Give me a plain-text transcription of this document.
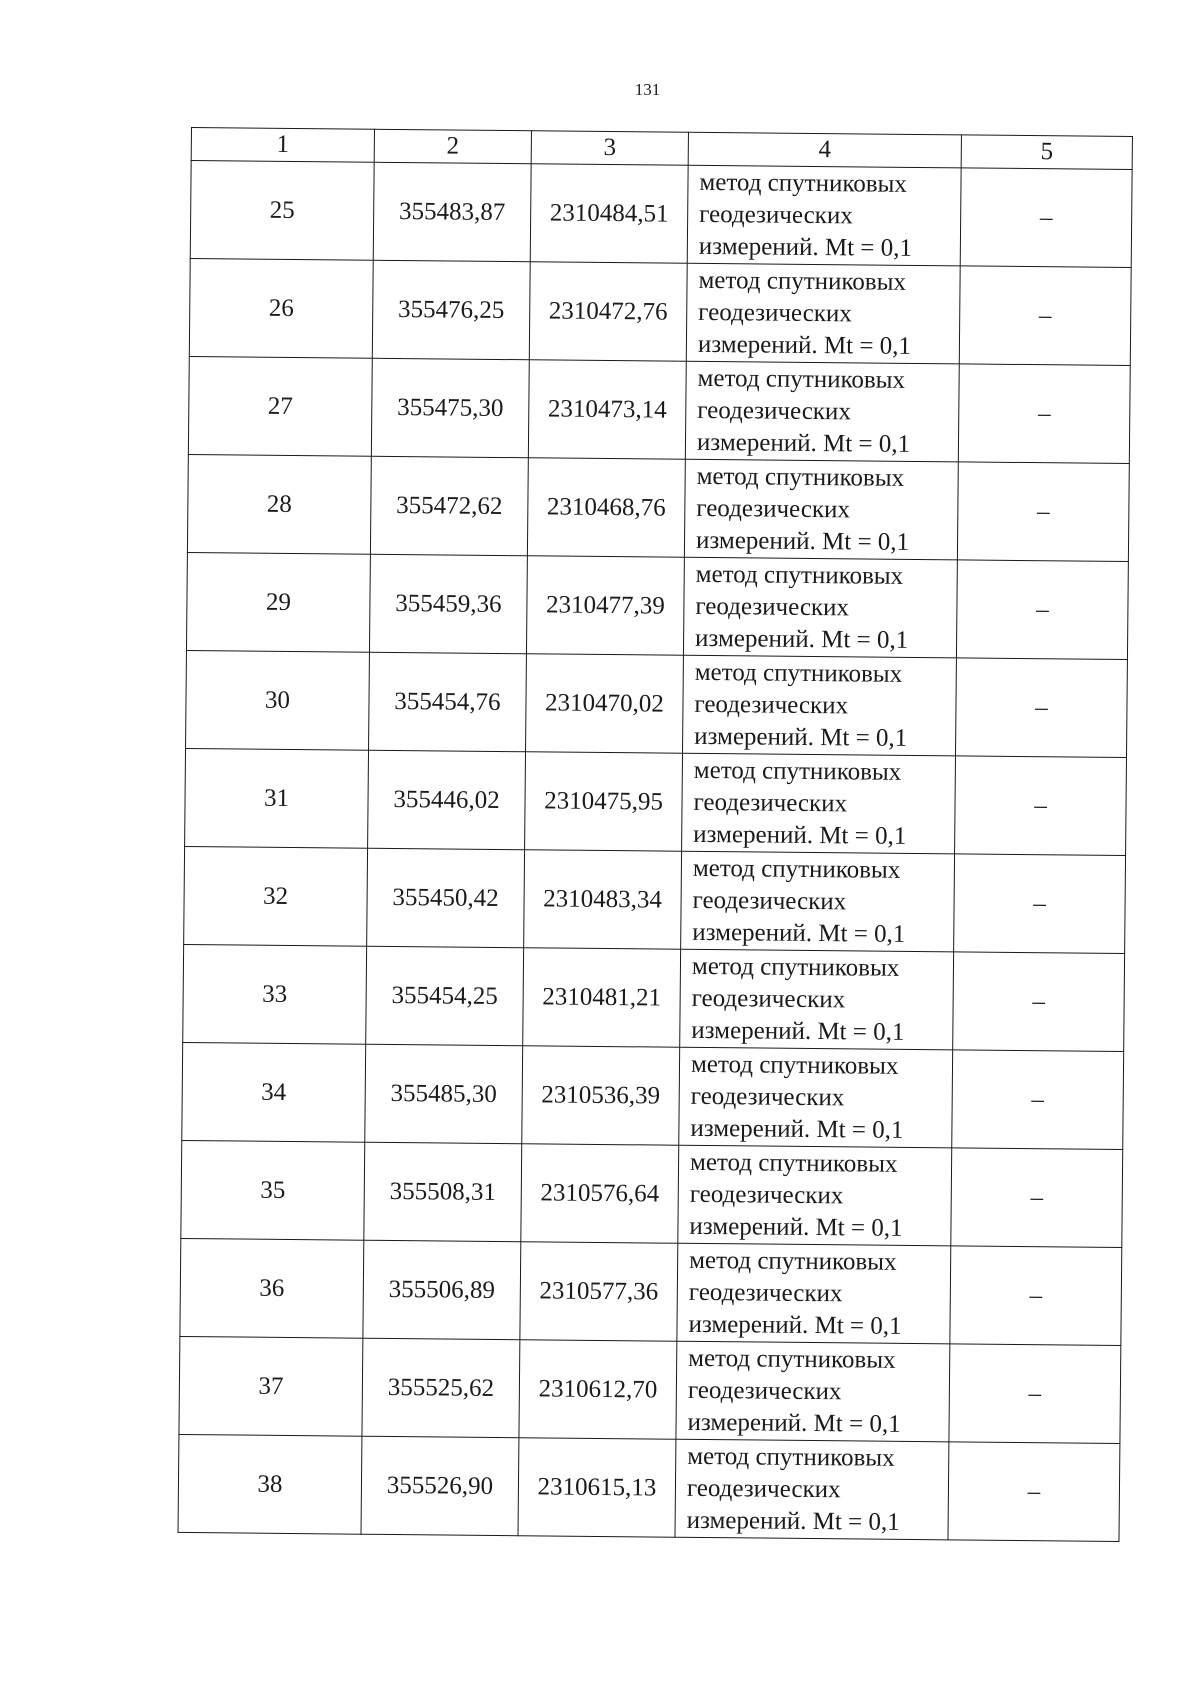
131
1	2	3	4	5
25	355483,87	2310484,51	метод спутниковых
геодезических
измерений. Mt = 0,1	–
26	355476,25	2310472,76	метод спутниковых
геодезических
измерений. Mt = 0,1	–
27	355475,30	2310473,14	метод спутниковых
геодезических
измерений. Mt = 0,1	–
28	355472,62	2310468,76	метод спутниковых
геодезических
измерений. Mt = 0,1	–
29	355459,36	2310477,39	метод спутниковых
геодезических
измерений. Mt = 0,1	–
30	355454,76	2310470,02	метод спутниковых
геодезических
измерений. Mt = 0,1	–
31	355446,02	2310475,95	метод спутниковых
геодезических
измерений. Mt = 0,1	–
32	355450,42	2310483,34	метод спутниковых
геодезических
измерений. Mt = 0,1	–
33	355454,25	2310481,21	метод спутниковых
геодезических
измерений. Mt = 0,1	–
34	355485,30	2310536,39	метод спутниковых
геодезических
измерений. Mt = 0,1	–
35	355508,31	2310576,64	метод спутниковых
геодезических
измерений. Mt = 0,1	–
36	355506,89	2310577,36	метод спутниковых
геодезических
измерений. Mt = 0,1	–
37	355525,62	2310612,70	метод спутниковых
геодезических
измерений. Mt = 0,1	–
38	355526,90	2310615,13	метод спутниковых
геодезических
измерений. Mt = 0,1	–
